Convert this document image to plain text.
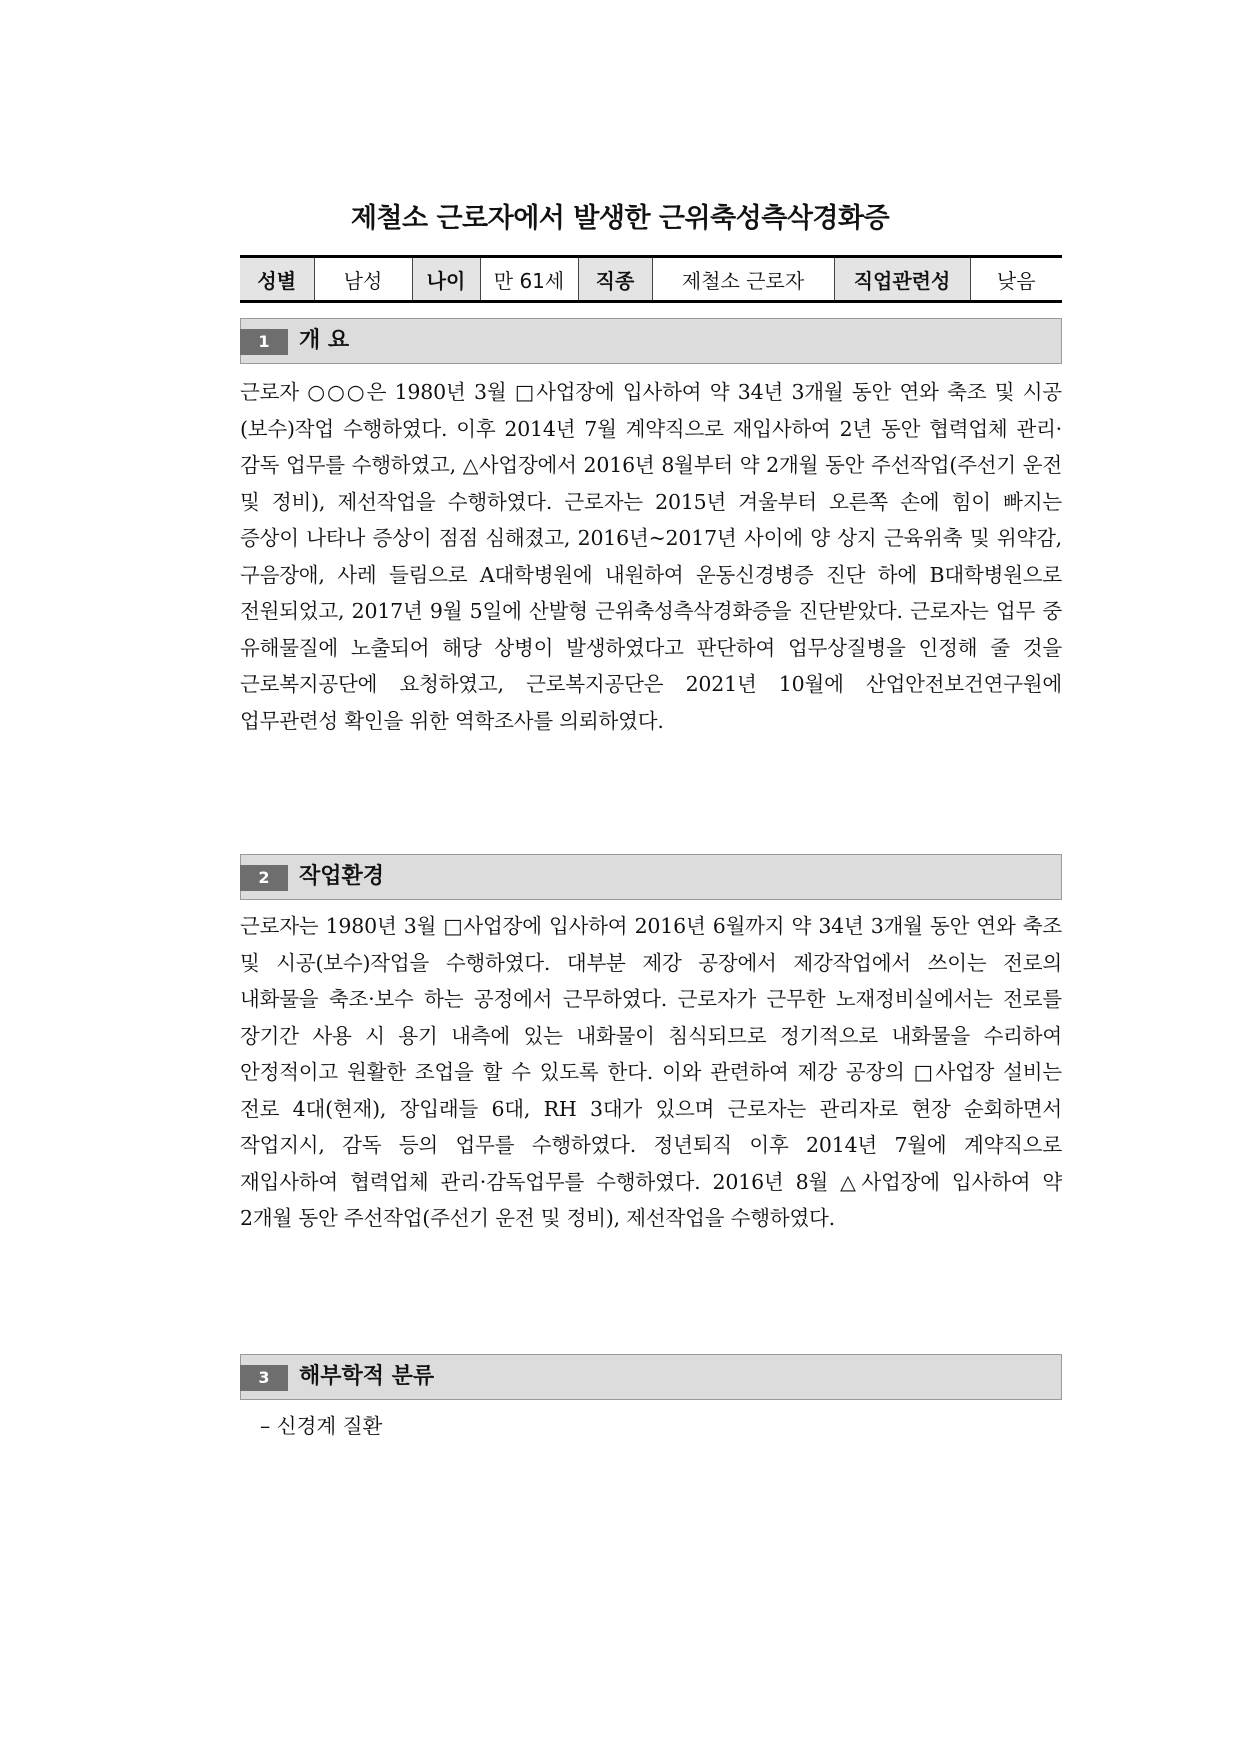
제철소 근로자에서 발생한 근위축성측삭경화증
성별	남성	나이	만 61세	직종	제철소 근로자	직업관련성	낮음
1	개 요
근로자 ○○○은 1980년 3월 □사업장에 입사하여 약 34년 3개월 동안 연와 축조 및 시공(보수)작업 수행하였다. 이후 2014년 7월 계약직으로 재입사하여 2년 동안 협력업체 관리·감독 업무를 수행하였고, △사업장에서 2016년 8월부터 약 2개월 동안 주선작업(주선기 운전 및 정비), 제선작업을 수행하였다. 근로자는 2015년 겨울부터 오른쪽 손에 힘이 빠지는 증상이 나타나 증상이 점점 심해졌고, 2016년~2017년 사이에 양 상지 근육위축 및 위약감, 구음장애, 사레 들림으로 A대학병원에 내원하여 운동신경병증 진단 하에 B대학병원으로 전원되었고, 2017년 9월 5일에 산발형 근위축성측삭경화증을 진단받았다. 근로자는 업무 중 유해물질에 노출되어 해당 상병이 발생하였다고 판단하여 업무상질병을 인정해 줄 것을 근로복지공단에 요청하였고, 근로복지공단은 2021년 10월에 산업안전보건연구원에 업무관련성 확인을 위한 역학조사를 의뢰하였다.
2	작업환경
근로자는 1980년 3월 □사업장에 입사하여 2016년 6월까지 약 34년 3개월 동안 연와 축조 및 시공(보수)작업을 수행하였다. 대부분 제강 공장에서 제강작업에서 쓰이는 전로의 내화물을 축조·보수 하는 공정에서 근무하였다. 근로자가 근무한 노재정비실에서는 전로를 장기간 사용 시 용기 내측에 있는 내화물이 침식되므로 정기적으로 내화물을 수리하여 안정적이고 원활한 조업을 할 수 있도록 한다. 이와 관련하여 제강 공장의 □사업장 설비는 전로 4대(현재), 장입래들 6대, RH 3대가 있으며 근로자는 관리자로 현장 순회하면서 작업지시, 감독 등의 업무를 수행하였다. 정년퇴직 이후 2014년 7월에 계약직으로 재입사하여 협력업체 관리·감독업무를 수행하였다. 2016년 8월 △사업장에 입사하여 약 2개월 동안 주선작업(주선기 운전 및 정비), 제선작업을 수행하였다.
3	해부학적 분류
– 신경계 질환
